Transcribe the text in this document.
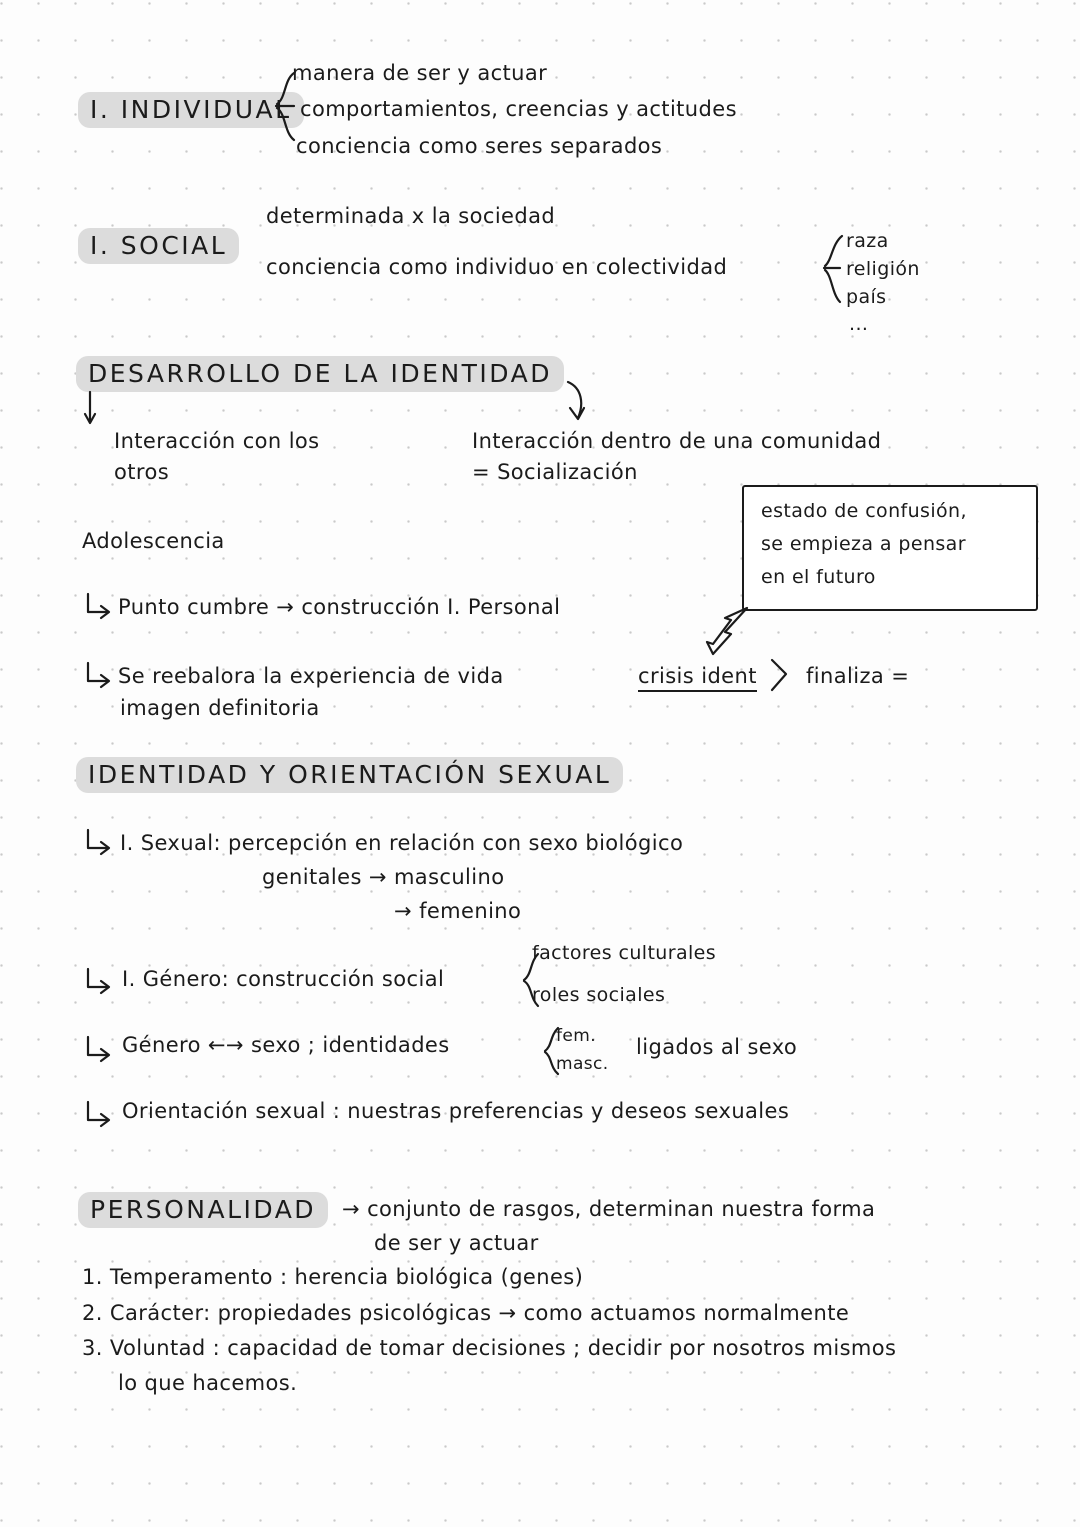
I. INDIVIDUAL
manera de ser y actuar
comportamientos, creencias y actitudes
conciencia como seres separados
I. SOCIAL
determinada x la sociedad
conciencia como individuo en colectividad
raza
religión
país
...
DESARROLLO DE LA IDENTIDAD
Interacción con los
otros
Interacción dentro de una comunidad
= Socialización
Adolescencia
estado de confusión,
se empieza a pensar
en el futuro
Punto cumbre → construcción I. Personal
Se reebalora la experiencia de vida	crisis ident finaliza =
imagen definitoria
IDENTIDAD Y ORIENTACIÓN SEXUAL
I. Sexual: percepción en relación con sexo biológico
genitales → masculino
→ femenino
I. Género: construcción social
factores culturales
roles sociales
Género ←→ sexo ; identidades	fem.
masc.
ligados al sexo
Orientación sexual : nuestras preferencias y deseos sexuales
PERSONALIDAD	→ conjunto de rasgos, determinan nuestra forma
de ser y actuar
1. Temperamento : herencia biológica (genes)
2. Carácter: propiedades psicológicas → como actuamos normalmente
3. Voluntad : capacidad de tomar decisiones ; decidir por nosotros mismos
lo que hacemos.
